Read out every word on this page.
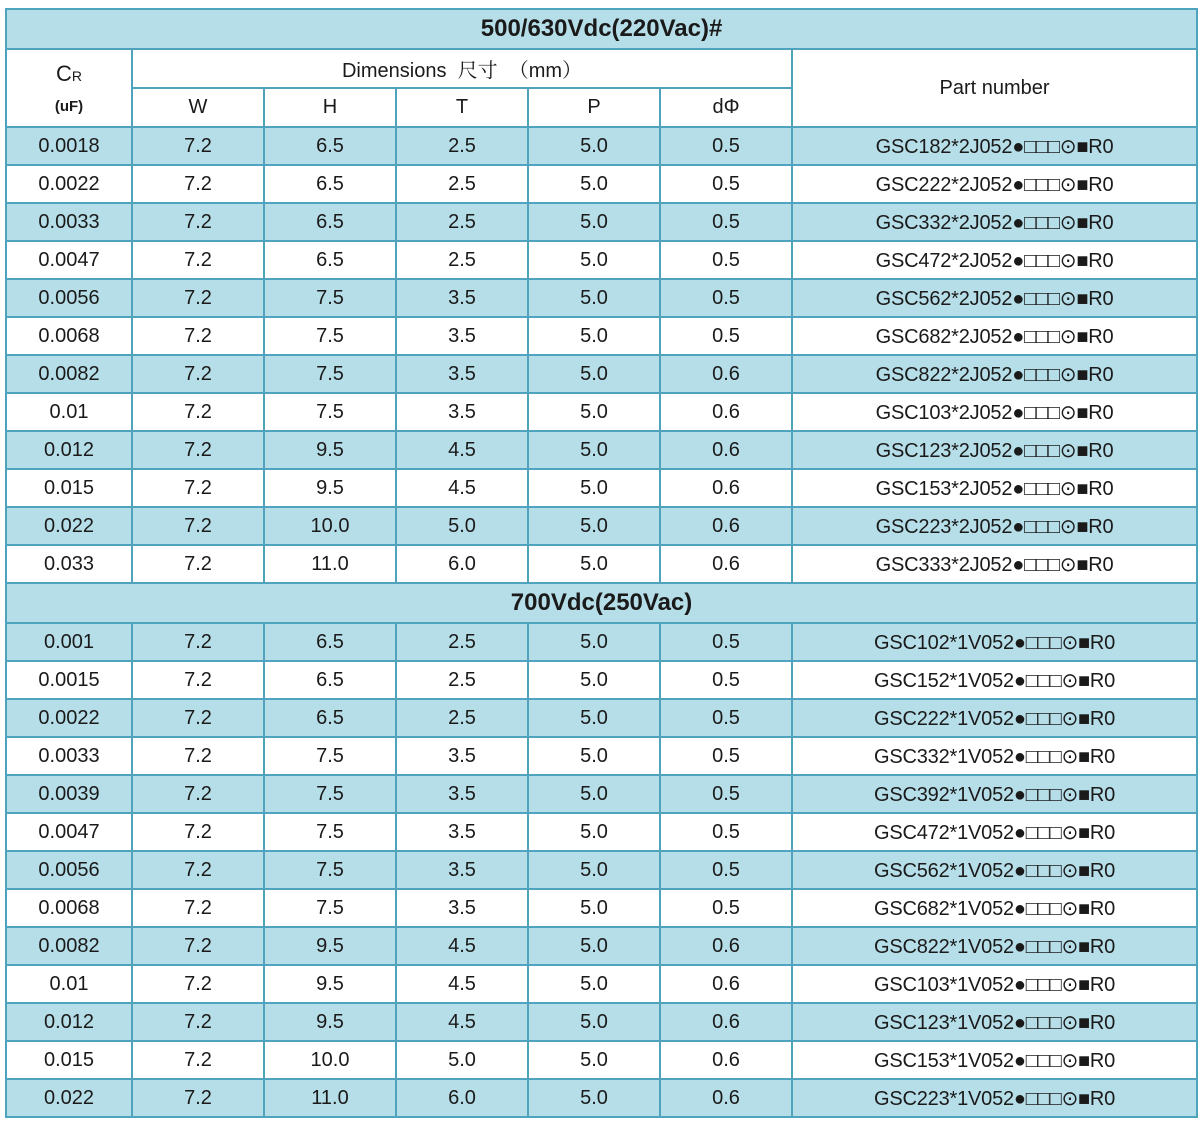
500/630Vdc(220Vac)#						
CR
(uF)	Dimensions  尺寸  （mm）					Part number
	W	H	T	P	dΦ	
0.0018	7.2	6.5	2.5	5.0	0.5	GSC182*2J052●□□□⊙■R0
0.0022	7.2	6.5	2.5	5.0	0.5	GSC222*2J052●□□□⊙■R0
0.0033	7.2	6.5	2.5	5.0	0.5	GSC332*2J052●□□□⊙■R0
0.0047	7.2	6.5	2.5	5.0	0.5	GSC472*2J052●□□□⊙■R0
0.0056	7.2	7.5	3.5	5.0	0.5	GSC562*2J052●□□□⊙■R0
0.0068	7.2	7.5	3.5	5.0	0.5	GSC682*2J052●□□□⊙■R0
0.0082	7.2	7.5	3.5	5.0	0.6	GSC822*2J052●□□□⊙■R0
0.01	7.2	7.5	3.5	5.0	0.6	GSC103*2J052●□□□⊙■R0
0.012	7.2	9.5	4.5	5.0	0.6	GSC123*2J052●□□□⊙■R0
0.015	7.2	9.5	4.5	5.0	0.6	GSC153*2J052●□□□⊙■R0
0.022	7.2	10.0	5.0	5.0	0.6	GSC223*2J052●□□□⊙■R0
0.033	7.2	11.0	6.0	5.0	0.6	GSC333*2J052●□□□⊙■R0
700Vdc(250Vac)						
0.001	7.2	6.5	2.5	5.0	0.5	GSC102*1V052●□□□⊙■R0
0.0015	7.2	6.5	2.5	5.0	0.5	GSC152*1V052●□□□⊙■R0
0.0022	7.2	6.5	2.5	5.0	0.5	GSC222*1V052●□□□⊙■R0
0.0033	7.2	7.5	3.5	5.0	0.5	GSC332*1V052●□□□⊙■R0
0.0039	7.2	7.5	3.5	5.0	0.5	GSC392*1V052●□□□⊙■R0
0.0047	7.2	7.5	3.5	5.0	0.5	GSC472*1V052●□□□⊙■R0
0.0056	7.2	7.5	3.5	5.0	0.5	GSC562*1V052●□□□⊙■R0
0.0068	7.2	7.5	3.5	5.0	0.5	GSC682*1V052●□□□⊙■R0
0.0082	7.2	9.5	4.5	5.0	0.6	GSC822*1V052●□□□⊙■R0
0.01	7.2	9.5	4.5	5.0	0.6	GSC103*1V052●□□□⊙■R0
0.012	7.2	9.5	4.5	5.0	0.6	GSC123*1V052●□□□⊙■R0
0.015	7.2	10.0	5.0	5.0	0.6	GSC153*1V052●□□□⊙■R0
0.022	7.2	11.0	6.0	5.0	0.6	GSC223*1V052●□□□⊙■R0
